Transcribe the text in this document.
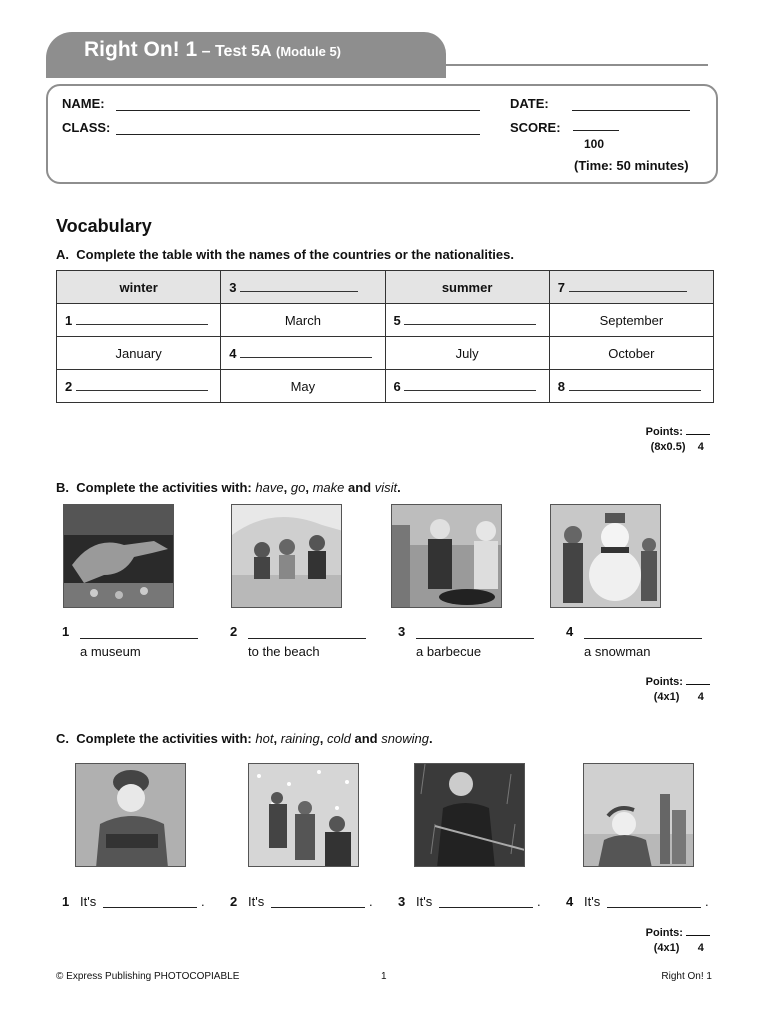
Right On! 1 – Test 5A (Module 5)
NAME:
CLASS:
DATE:
SCORE:
100
(Time: 50 minutes)
Vocabulary
A. Complete the table with the names of the countries or the nationalities.
winter	3	summer	7
1	March	5	September
January	4	July	October
2	May	6	8
Points:
(8x0.5) 4
B. Complete the activities with: have, go, make and visit.
1
a museum
2
to the beach
3
a barbecue
4
a snowman
Points:
(4x1) 4
C. Complete the activities with: hot, raining, cold and snowing.
1 It's	. 2 It's	. 3 It's	. 4 It's	.
Points:
(4x1) 4
© Express Publishing PHOTOCOPIABLE	1	Right On! 1
